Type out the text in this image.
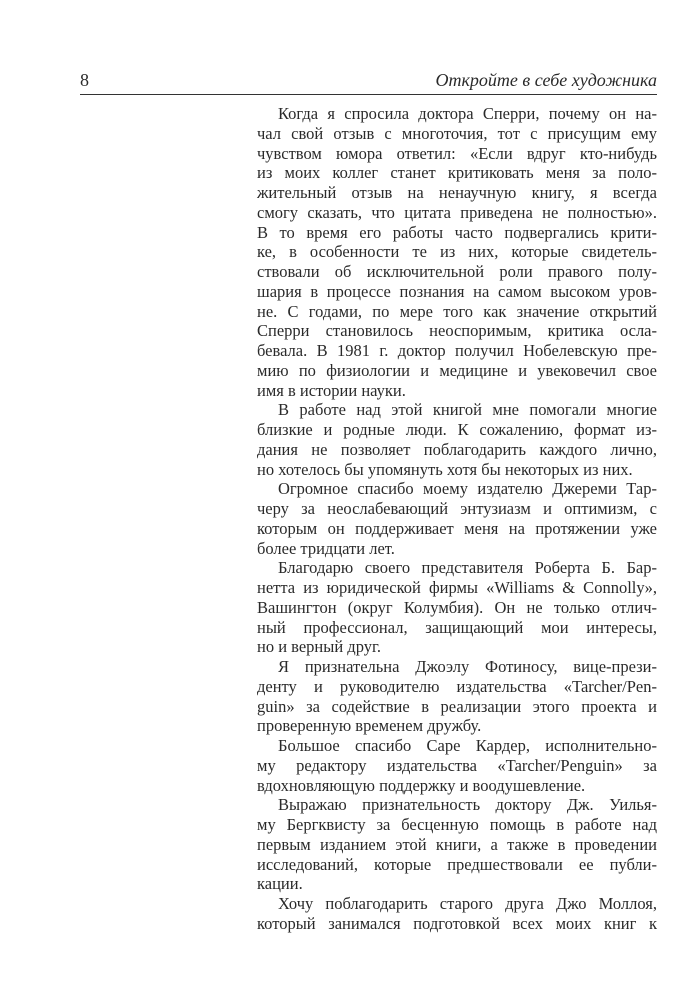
8	Откройте в себе художника
Когда я спросила доктора Сперри, почему он на-
чал свой отзыв с многоточия, тот с присущим ему
чувством юмора ответил: «Если вдруг кто-нибудь
из моих коллег станет критиковать меня за поло-
жительный отзыв на ненаучную книгу, я всегда
смогу сказать, что цитата приведена не полностью».
В то время его работы часто подвергались крити-
ке, в особенности те из них, которые свидетель-
ствовали об исключительной роли правого полу-
шария в процессе познания на самом высоком уров-
не. С годами, по мере того как значение открытий
Сперри становилось неоспоримым, критика осла-
бевала. В 1981 г. доктор получил Нобелевскую пре-
мию по физиологии и медицине и увековечил свое
имя в истории науки.
В работе над этой книгой мне помогали многие
близкие и родные люди. К сожалению, формат из-
дания не позволяет поблагодарить каждого лично,
но хотелось бы упомянуть хотя бы некоторых из них.
Огромное спасибо моему издателю Джереми Тар-
черу за неослабевающий энтузиазм и оптимизм, с
которым он поддерживает меня на протяжении уже
более тридцати лет.
Благодарю своего представителя Роберта Б. Бар-
нетта из юридической фирмы «Williams & Connolly»,
Вашингтон (округ Колумбия). Он не только отлич-
ный профессионал, защищающий мои интересы,
но и верный друг.
Я признательна Джоэлу Фотиносу, вице-прези-
денту и руководителю издательства «Tarcher/Pen-
guin» за содействие в реализации этого проекта и
проверенную временем дружбу.
Большое спасибо Саре Кардер, исполнительно-
му редактору издательства «Tarcher/Penguin» за
вдохновляющую поддержку и воодушевление.
Выражаю признательность доктору Дж. Уилья-
му Бергквисту за бесценную помощь в работе над
первым изданием этой книги, а также в проведении
исследований, которые предшествовали ее публи-
кации.
Хочу поблагодарить старого друга Джо Моллоя,
который занимался подготовкой всех моих книг к
